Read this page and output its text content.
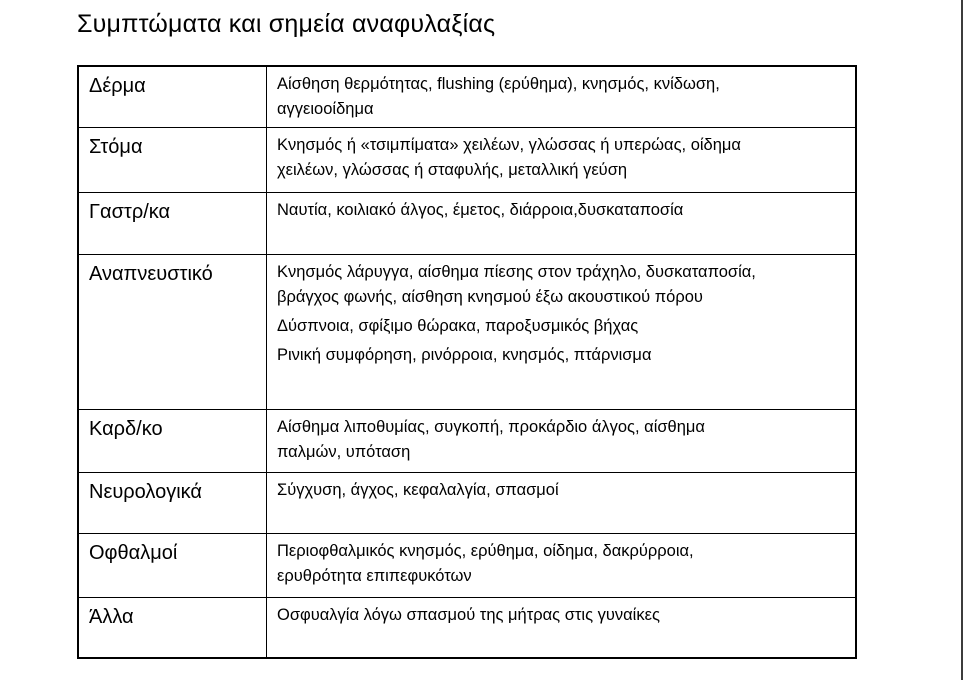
Συμπτώματα και σημεία αναφυλαξίας
Δέρμα	Αίσθηση θερμότητας, flushing (ερύθημα), κνησμός, κνίδωση,
αγγειοοίδημα

Στόμα	Κνησμός ή «τσιμπίματα» χειλέων, γλώσσας ή υπερώας, οίδημα
χειλέων, γλώσσας ή σταφυλής, μεταλλική γεύση

Γαστρ/κα	Ναυτία, κοιλιακό άλγος, έμετος, διάρροια,δυσκαταποσία

Αναπνευστικό	Κνησμός λάρυγγα, αίσθημα πίεσης στον τράχηλο, δυσκαταποσία,
βράγχος φωνής, αίσθηση κνησμού έξω ακουστικού πόρου
Δύσπνοια, σφίξιμο θώρακα, παροξυσμικός βήχας
Ρινική συμφόρηση, ρινόρροια, κνησμός, πτάρνισμα

Καρδ/κο	Αίσθημα λιποθυμίας, συγκοπή, προκάρδιο άλγος, αίσθημα
παλμών, υπόταση

Νευρολογικά	Σύγχυση, άγχος, κεφαλαλγία, σπασμοί

Οφθαλμοί	Περιοφθαλμικός κνησμός, ερύθημα, οίδημα, δακρύρροια,
ερυθρότητα επιπεφυκότων

Άλλα	Οσφυαλγία λόγω σπασμού της μήτρας στις γυναίκες
